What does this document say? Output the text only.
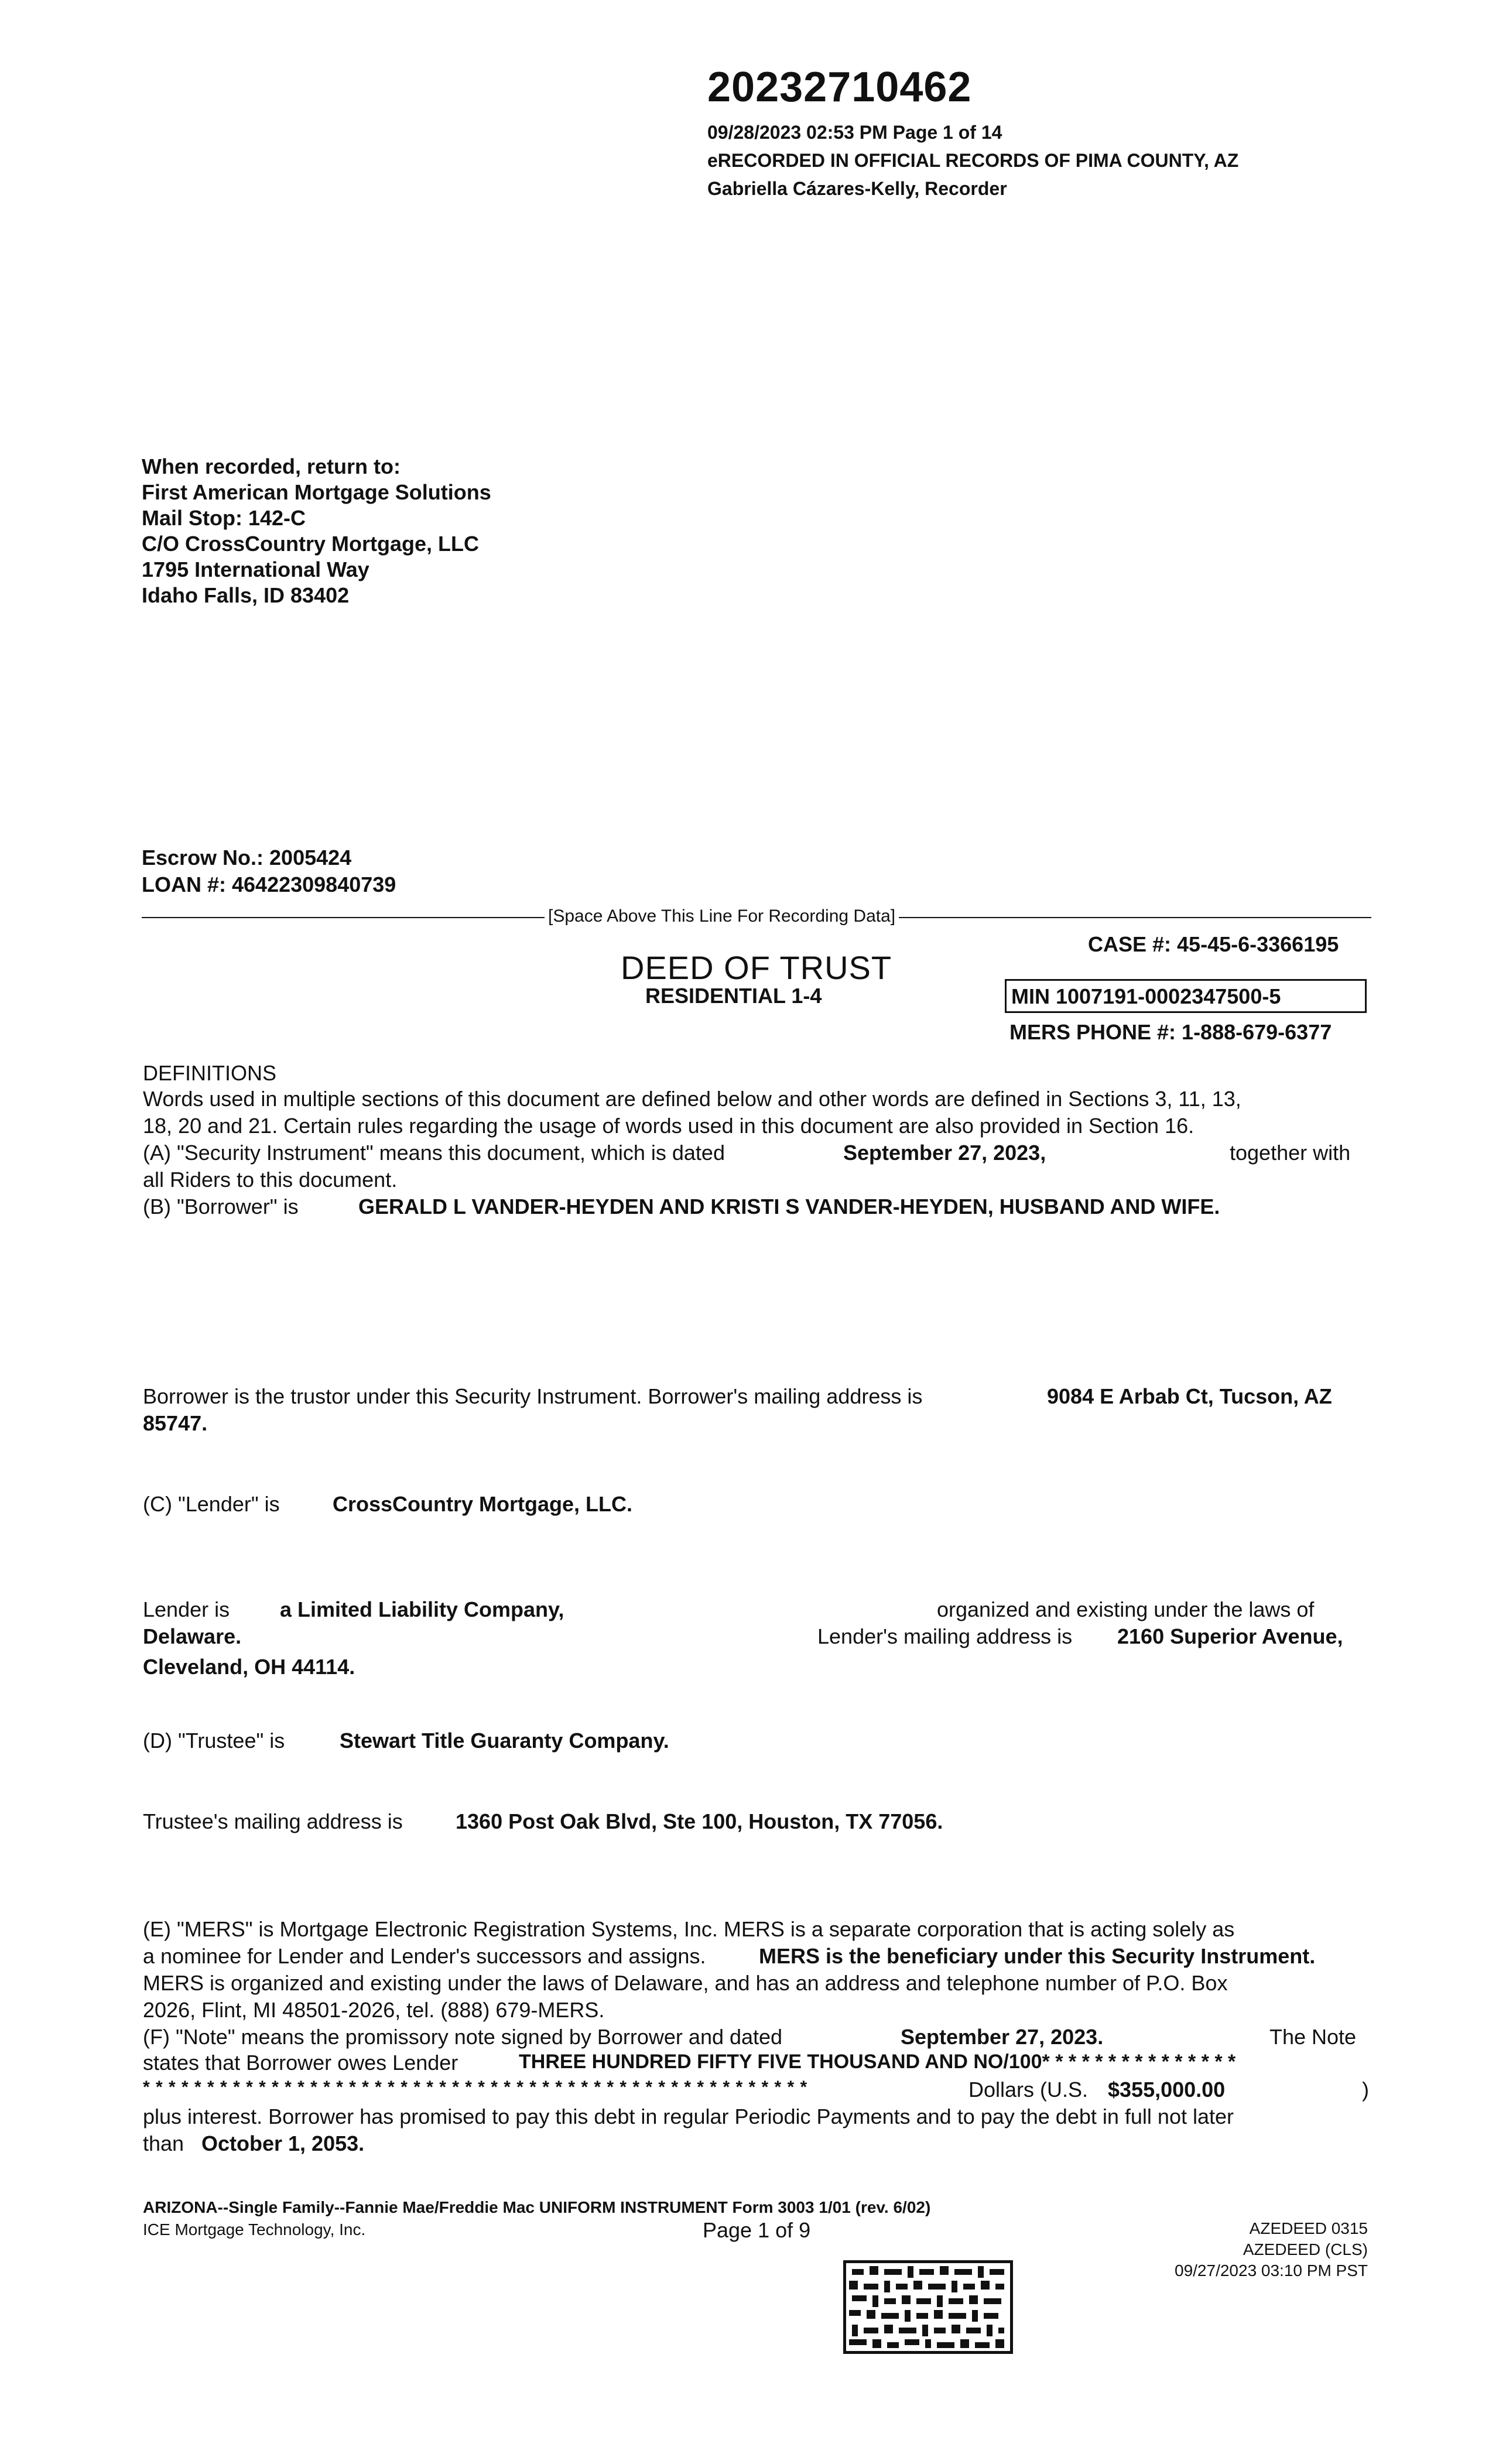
20232710462
09/28/2023 02:53 PM Page 1 of 14
eRECORDED IN OFFICIAL RECORDS OF PIMA COUNTY, AZ
Gabriella Cázares-Kelly, Recorder
When recorded, return to:
First American Mortgage Solutions
Mail Stop: 142-C
C/O CrossCountry Mortgage, LLC
1795 International Way
Idaho Falls, ID 83402
Escrow No.: 2005424
LOAN #: 46422309840739
[Space Above This Line For Recording Data]
DEED OF TRUST
RESIDENTIAL 1-4
CASE #: 45-45-6-3366195
MIN 1007191-0002347500-5
MERS PHONE #: 1-888-679-6377
DEFINITIONS
Words used in multiple sections of this document are defined below and other words are defined in Sections 3, 11, 13,
18, 20 and 21. Certain rules regarding the usage of words used in this document are also provided in Section 16.
(A) "Security Instrument" means this document, which is dated	September 27, 2023,	together with
all Riders to this document.
(B) "Borrower" is	GERALD L VANDER-HEYDEN AND KRISTI S VANDER-HEYDEN, HUSBAND AND WIFE.
Borrower is the trustor under this Security Instrument. Borrower's mailing address is	9084 E Arbab Ct, Tucson, AZ
85747.
(C) "Lender" is	CrossCountry Mortgage, LLC.
Lender is a Limited Liability Company,	organized and existing under the laws of
Delaware.	Lender's mailing address is 2160 Superior Avenue,
Cleveland, OH 44114.
(D) "Trustee" is	Stewart Title Guaranty Company.
Trustee's mailing address is	1360 Post Oak Blvd, Ste 100, Houston, TX 77056.
(E) "MERS" is Mortgage Electronic Registration Systems, Inc. MERS is a separate corporation that is acting solely as
a nominee for Lender and Lender's successors and assigns.	MERS is the beneficiary under this Security Instrument.
MERS is organized and existing under the laws of Delaware, and has an address and telephone number of P.O. Box
2026, Flint, MI 48501-2026, tel. (888) 679-MERS.
(F) "Note" means the promissory note signed by Borrower and dated	September 27, 2023.	The Note
states that Borrower owes Lender	THREE HUNDRED FIFTY FIVE THOUSAND AND NO/100* * * * * * * * * * * * * * *
* * * * * * * * * * * * * * * * * * * * * * * * * * * * * * * * * * * * * * * * * * * * * * * * * * * *	Dollars (U.S. $355,000.00	)
plus interest. Borrower has promised to pay this debt in regular Periodic Payments and to pay the debt in full not later
than October 1, 2053.
ARIZONA--Single Family--Fannie Mae/Freddie Mac UNIFORM INSTRUMENT Form 3003 1/01 (rev. 6/02)
ICE Mortgage Technology, Inc.	Page 1 of 9	AZEDEED 0315
AZEDEED (CLS)
09/27/2023 03:10 PM PST
